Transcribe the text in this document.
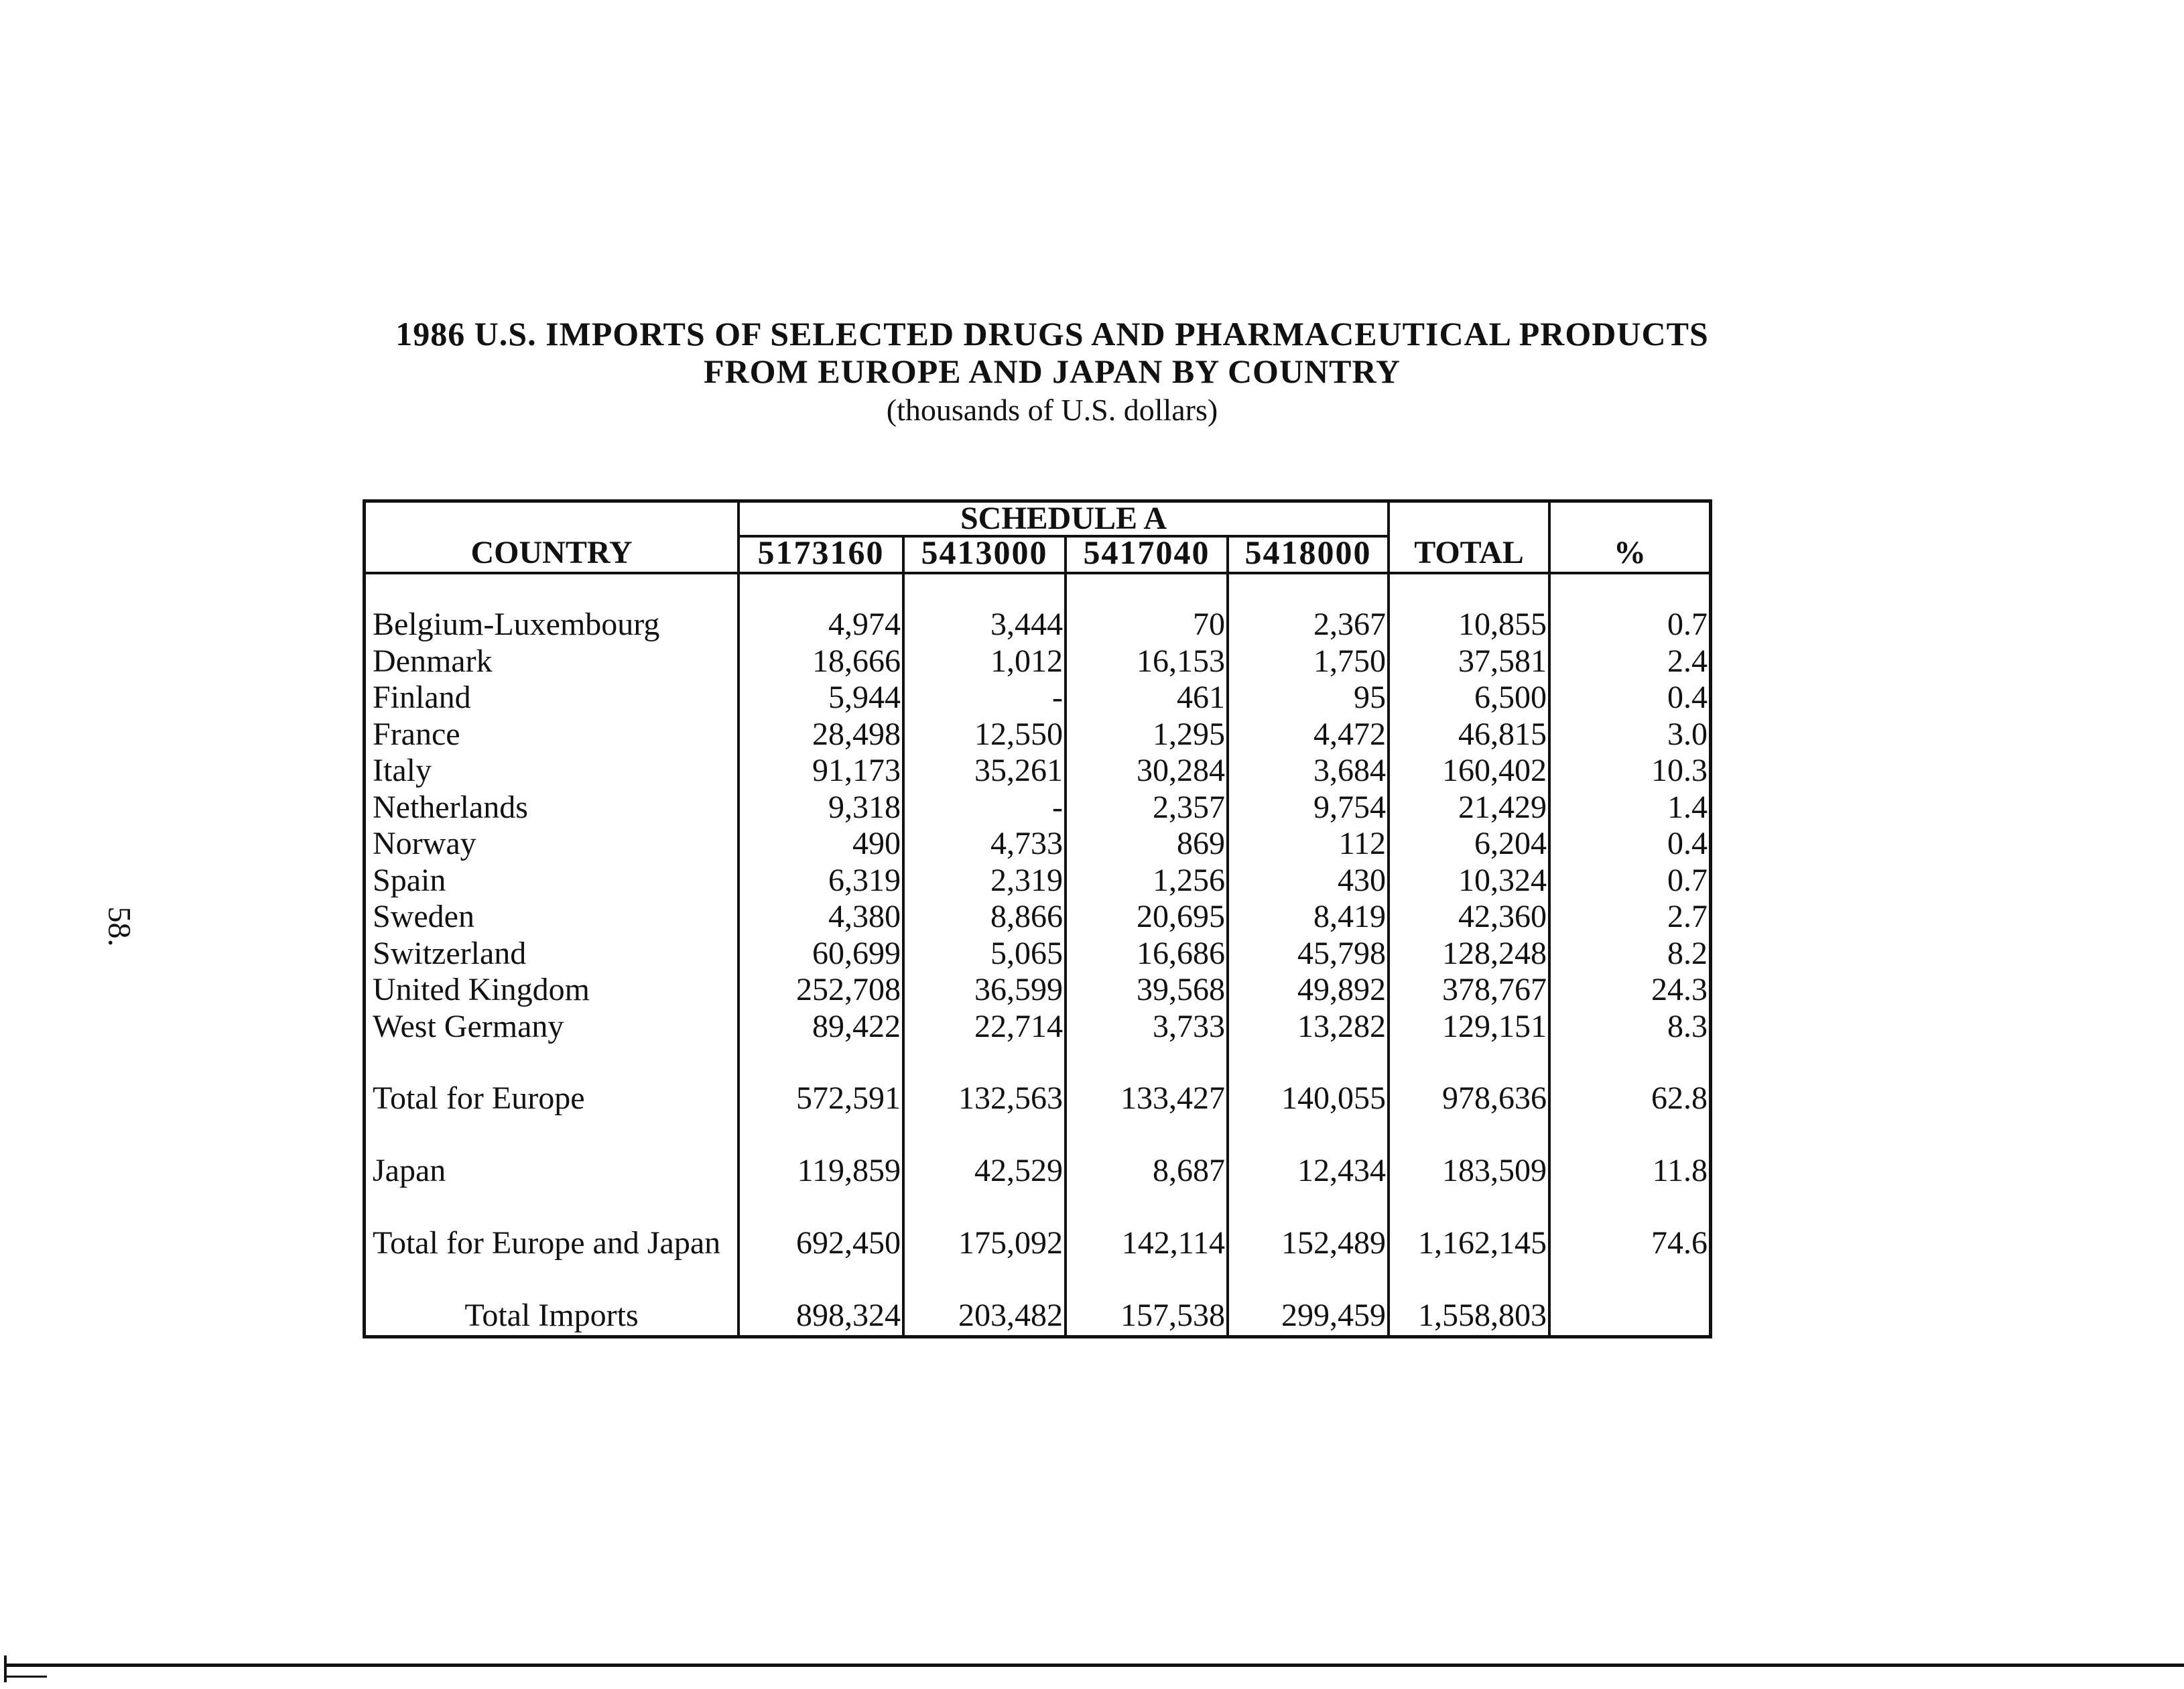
1986 U.S. IMPORTS OF SELECTED DRUGS AND PHARMACEUTICAL PRODUCTS
FROM EUROPE AND JAPAN BY COUNTRY
(thousands of U.S. dollars)
58.
COUNTRY
SCHEDULE A
5173160	5413000	5417040	5418000	TOTAL	%
Belgium-Luxembourg	4,974	3,444	70	2,367	10,855	0.7
Denmark	18,666	1,012	16,153	1,750	37,581	2.4
Finland	5,944	-	461	95	6,500	0.4
France	28,498	12,550	1,295	4,472	46,815	3.0
Italy	91,173	35,261	30,284	3,684	160,402	10.3
Netherlands	9,318	-	2,357	9,754	21,429	1.4
Norway	490	4,733	869	112	6,204	0.4
Spain	6,319	2,319	1,256	430	10,324	0.7
Sweden	4,380	8,866	20,695	8,419	42,360	2.7
Switzerland	60,699	5,065	16,686	45,798	128,248	8.2
United Kingdom	252,708	36,599	39,568	49,892	378,767	24.3
West Germany	89,422	22,714	3,733	13,282	129,151	8.3
Total for Europe	572,591	132,563	133,427	140,055	978,636	62.8
Japan	119,859	42,529	8,687	12,434	183,509	11.8
Total for Europe and Japan	692,450	175,092	142,114	152,489	1,162,145	74.6
Total Imports	898,324	203,482	157,538	299,459	1,558,803
